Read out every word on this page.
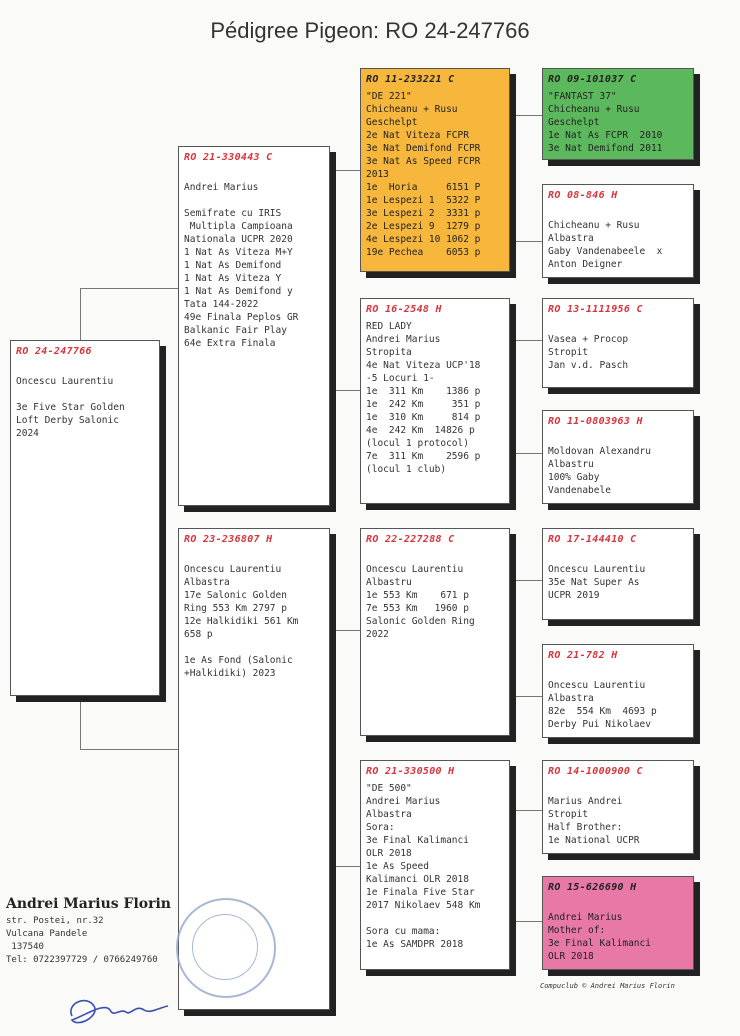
Pédigree Pigeon: RO 24-247766
RO 24-247766

Oncescu Laurentiu

3e Five Star Golden
Loft Derby Salonic
2024
RO 21-330443 C

Andrei Marius

Semifrate cu IRIS
Multipla Campioana
Nationala UCPR 2020
1 Nat As Viteza M+Y
1 Nat As Demifond
1 Nat As Viteza Y
1 Nat As Demifond y
Tata 144-2022
49e Finala Peplos GR
Balkanic Fair Play
64e Extra Finala
RO 23-236807 H

Oncescu Laurentiu
Albastra
17e Salonic Golden
Ring 553 Km 2797 p
12e Halkidiki 561 Km
658 p

1e As Fond (Salonic
+Halkidiki) 2023
RO 11-233221 C
"DE 221"
Chicheanu + Rusu
Geschelpt
2e Nat Viteza FCPR
3e Nat Demifond FCPR
3e Nat As Speed FCPR
2013
1e  Horia     6151 P
1e Lespezi 1  5322 P
3e Lespezi 2  3331 p
2e Lespezi 9  1279 p
4e Lespezi 10 1062 p
19e Pechea    6053 p
RO 16-2548 H
RED LADY
Andrei Marius
Stropita
4e Nat Viteza UCP'18
-5 Locuri 1-
1e  311 Km    1386 p
1e  242 Km     351 p
1e  310 Km     814 p
4e  242 Km  14826 p
(locul 1 protocol)
7e  311 Km    2596 p
(locul 1 club)
RO 22-227288 C

Oncescu Laurentiu
Albastru
1e 553 Km    671 p
7e 553 Km   1960 p
Salonic Golden Ring
2022
RO 21-330500 H
"DE 500"
Andrei Marius
Albastra
Sora:
3e Final Kalimanci
OLR 2018
1e As Speed
Kalimanci OLR 2018
1e Finala Five Star
2017 Nikolaev 548 Km

Sora cu mama:
1e As SAMDPR 2018
RO 09-101037 C
"FANTAST 37"
Chicheanu + Rusu
Geschelpt
1e Nat As FCPR  2010
3e Nat Demifond 2011
RO 08-846 H

Chicheanu + Rusu
Albastra
Gaby Vandenabeele  x
Anton Deigner
RO 13-1111956 C

Vasea + Procop
Stropit
Jan v.d. Pasch
RO 11-0803963 H

Moldovan Alexandru
Albastru
100% Gaby
Vandenabele
RO 17-144410 C

Oncescu Laurentiu
35e Nat Super As
UCPR 2019
RO 21-782 H

Oncescu Laurentiu
Albastra
82e  554 Km  4693 p
Derby Pui Nikolaev
RO 14-1000900 C

Marius Andrei
Stropit
Half Brother:
1e National UCPR
RO 15-626690 H

Andrei Marius
Mother of:
3e Final Kalimanci
OLR 2018
Andrei Marius Florin
str. Postei, nr.32
Vulcana Pandele
137540
Tel: 0722397729 / 0766249760
Compuclub © Andrei Marius Florin
